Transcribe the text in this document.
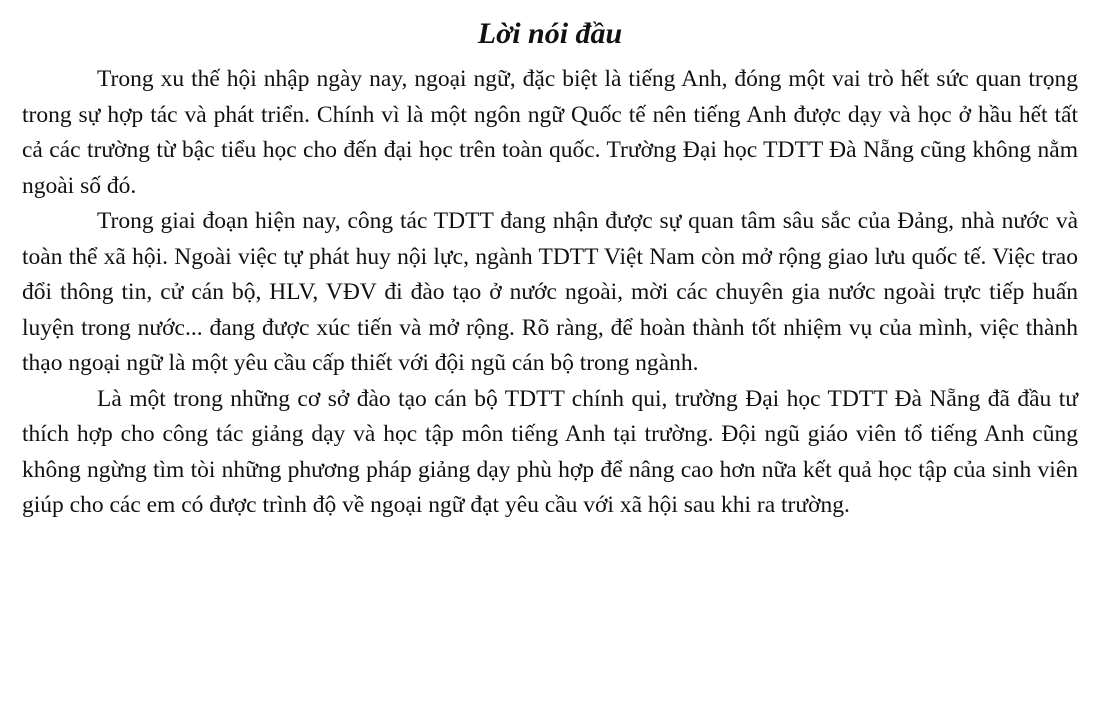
Lời nói đầu

Trong xu thế hội nhập ngày nay, ngoại ngữ, đặc biệt là tiếng Anh, đóng một vai trò hết sức quan trọng trong sự hợp tác và phát triển. Chính vì là một ngôn ngữ Quốc tế nên tiếng Anh được dạy và học ở hầu hết tất cả các trường từ bậc tiểu học cho đến đại học trên toàn quốc. Trường Đại học TDTT Đà Nẵng cũng không nằm ngoài số đó.

Trong giai đoạn hiện nay, công tác TDTT đang nhận được sự quan tâm sâu sắc của Đảng, nhà nước và toàn thể xã hội. Ngoài việc tự phát huy nội lực, ngành TDTT Việt Nam còn mở rộng giao lưu quốc tế. Việc trao đổi thông tin, cử cán bộ, HLV, VĐV đi đào tạo ở nước ngoài, mời các chuyên gia nước ngoài trực tiếp huấn luyện trong nước... đang được xúc tiến và mở rộng. Rõ ràng, để hoàn thành tốt nhiệm vụ của mình, việc thành thạo ngoại ngữ là một yêu cầu cấp thiết với đội ngũ cán bộ trong ngành.

Là một trong những cơ sở đào tạo cán bộ TDTT chính qui, trường Đại học TDTT Đà Nẵng đã đầu tư thích hợp cho công tác giảng dạy và học tập môn tiếng Anh tại trường. Đội ngũ giáo viên tổ tiếng Anh cũng không ngừng tìm tòi những phương pháp giảng dạy phù hợp để nâng cao hơn nữa kết quả học tập của sinh viên giúp cho các em có được trình độ về ngoại ngữ đạt yêu cầu với xã hội sau khi ra trường.
